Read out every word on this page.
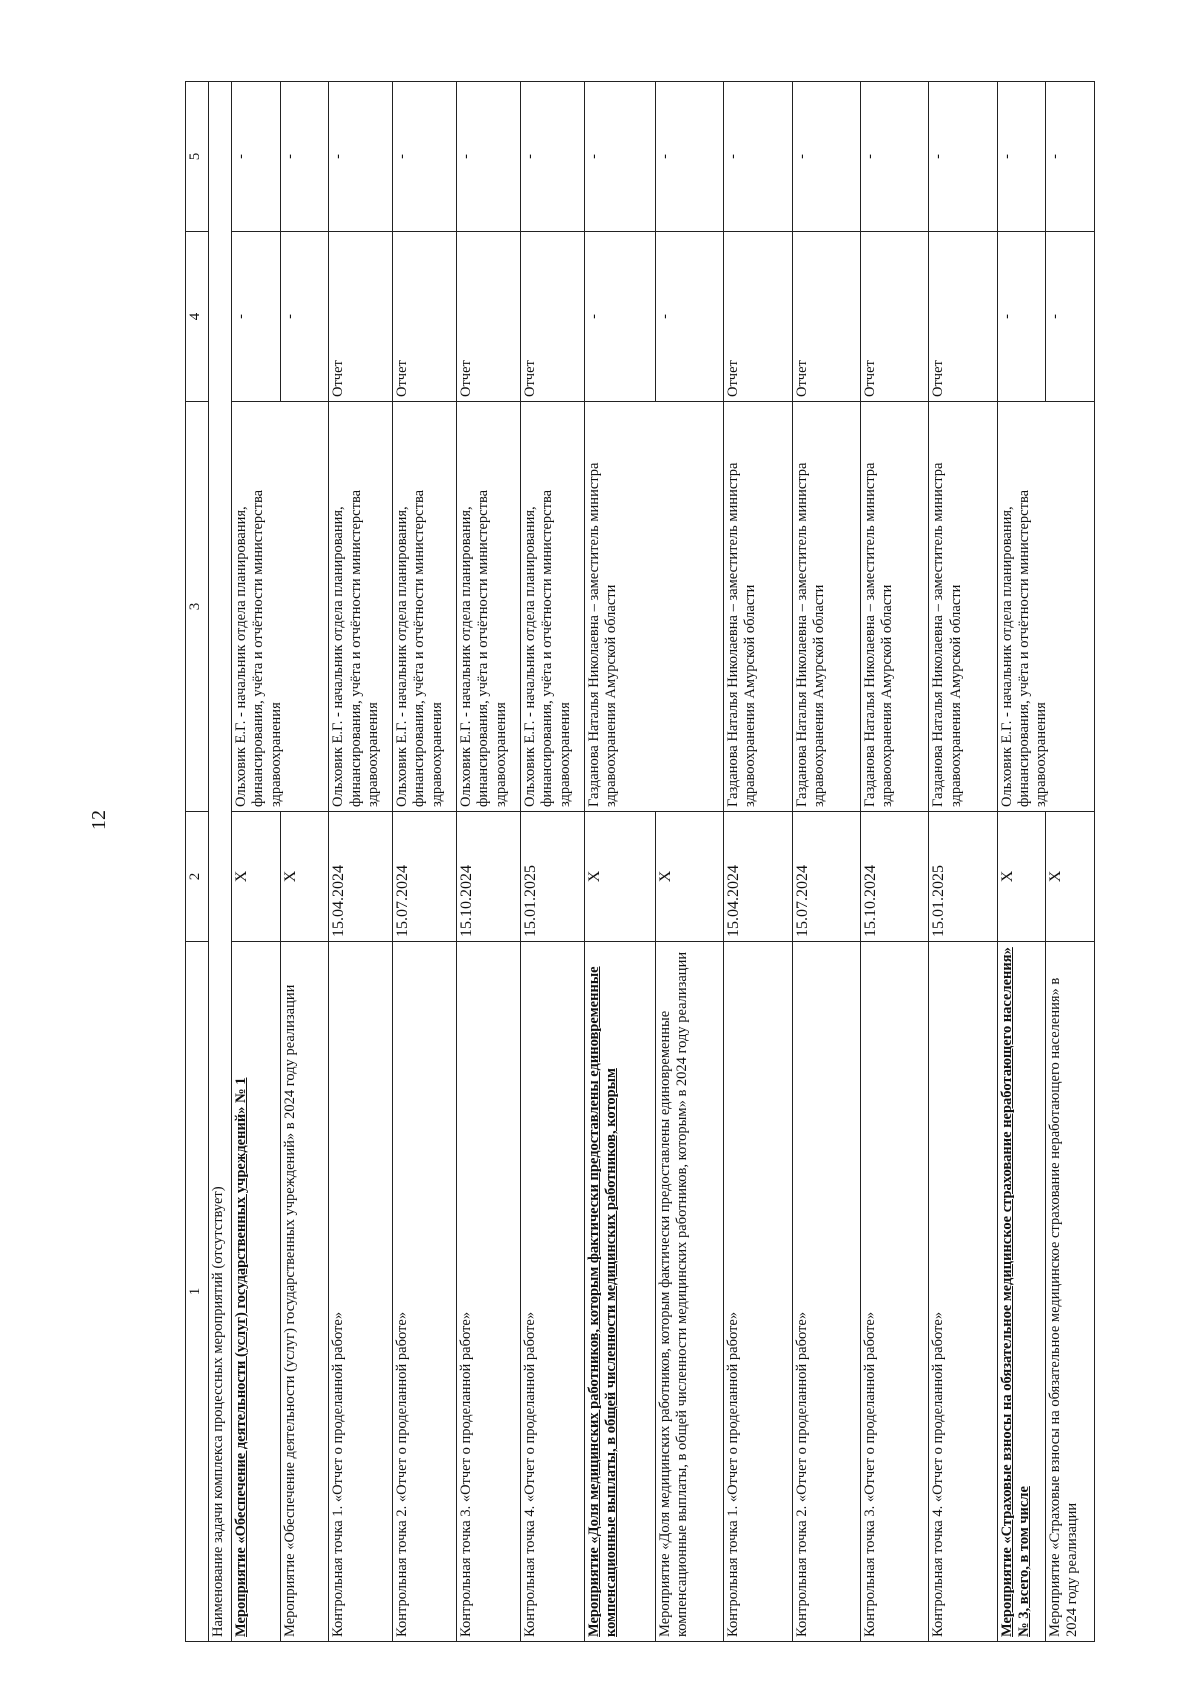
12
1	2	3	4	5
Наименование задачи комплекса процессных мероприятий (отсутствует)				
Мероприятие «Обеспечение деятельности (услуг) государственных учреждений» № 1	Х	Ольховик Е.Г. - начальник отдела планирования, финансирования, учёта и отчётности министерства здравоохранения	-	-
Мероприятие «Обеспечение деятельности (услуг) государственных учреждений» в 2024 году реализации	Х		-	-
Контрольная точка 1. «Отчет о проделанной работе»	15.04.2024	Ольховик Е.Г. - начальник отдела планирования, финансирования, учёта и отчётности министерства здравоохранения	Отчет	-
Контрольная точка 2. «Отчет о проделанной работе»	15.07.2024	Ольховик Е.Г. - начальник отдела планирования, финансирования, учёта и отчётности министерства здравоохранения	Отчет	-
Контрольная точка 3. «Отчет о проделанной работе»	15.10.2024	Ольховик Е.Г. - начальник отдела планирования, финансирования, учёта и отчётности министерства здравоохранения	Отчет	-
Контрольная точка 4. «Отчет о проделанной работе»	15.01.2025	Ольховик Е.Г. - начальник отдела планирования, финансирования, учёта и отчётности министерства здравоохранения	Отчет	-
Мероприятие «Доля медицинских работников, которым фактически предоставлены единовременные компенсационные выплаты, в общей численности медицинских работников, которым	Х	Газданова Наталья Николаевна – заместитель министра здравоохранения Амурской области	-	-
Мероприятие «Доля медицинских работников, которым фактически предоставлены единовременные компенсационные выплаты, в общей численности медицинских работников, которым» в 2024 году реализации	Х		-	-
Контрольная точка 1. «Отчет о проделанной работе»	15.04.2024	Газданова Наталья Николаевна – заместитель министра здравоохранения Амурской области	Отчет	-
Контрольная точка 2. «Отчет о проделанной работе»	15.07.2024	Газданова Наталья Николаевна – заместитель министра здравоохранения Амурской области	Отчет	-
Контрольная точка 3. «Отчет о проделанной работе»	15.10.2024	Газданова Наталья Николаевна – заместитель министра здравоохранения Амурской области	Отчет	-
Контрольная точка 4. «Отчет о проделанной работе»	15.01.2025	Газданова Наталья Николаевна – заместитель министра здравоохранения Амурской области	Отчет	-
Мероприятие «Страховые взносы на обязательное медицинское страхование неработающего населения» № 3, всего, в том числе	Х	Ольховик Е.Г. - начальник отдела планирования, финансирования, учёта и отчётности министерства здравоохранения	-	-
Мероприятие «Страховые взносы на обязательное медицинское страхование неработающего населения» в 2024 году реализации	Х		-	-
